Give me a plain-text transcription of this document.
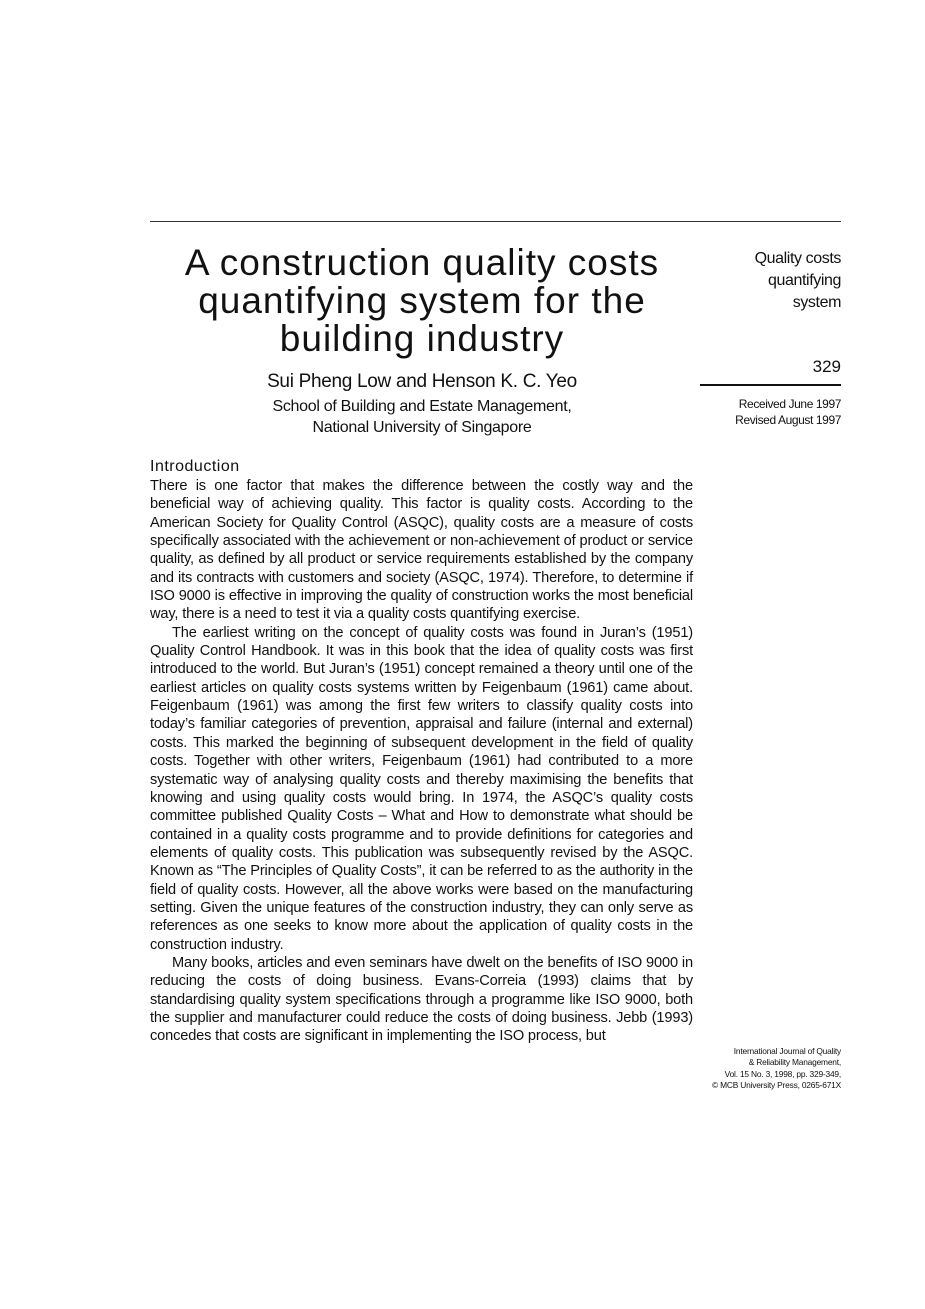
A construction quality costs quantifying system for the building industry
Sui Pheng Low and Henson K. C. Yeo
School of Building and Estate Management,
National University of Singapore
Quality costs
quantifying
system
329
Received June 1997
Revised August 1997
Introduction

There is one factor that makes the difference between the costly way and the beneficial way of achieving quality. This factor is quality costs. According to the American Society for Quality Control (ASQC), quality costs are a measure of costs specifically associated with the achievement or non-achievement of product or service quality, as defined by all product or service requirements established by the company and its contracts with customers and society (ASQC, 1974). Therefore, to determine if ISO 9000 is effective in improving the quality of construction works the most beneficial way, there is a need to test it via a quality costs quantifying exercise.

The earliest writing on the concept of quality costs was found in Juran’s (1951) Quality Control Handbook. It was in this book that the idea of quality costs was first introduced to the world. But Juran’s (1951) concept remained a theory until one of the earliest articles on quality costs systems written by Feigenbaum (1961) came about. Feigenbaum (1961) was among the first few writers to classify quality costs into today’s familiar categories of prevention, appraisal and failure (internal and external) costs. This marked the beginning of subsequent development in the field of quality costs. Together with other writers, Feigenbaum (1961) had contributed to a more systematic way of analysing quality costs and thereby maximising the benefits that knowing and using quality costs would bring. In 1974, the ASQC’s quality costs committee published Quality Costs – What and How to demonstrate what should be contained in a quality costs programme and to provide definitions for categories and elements of quality costs. This publication was subsequently revised by the ASQC. Known as “The Principles of Quality Costs”, it can be referred to as the authority in the field of quality costs. However, all the above works were based on the manufacturing setting. Given the unique features of the construction industry, they can only serve as references as one seeks to know more about the application of quality costs in the construction industry.

Many books, articles and even seminars have dwelt on the benefits of ISO 9000 in reducing the costs of doing business. Evans-Correia (1993) claims that by standardising quality system specifications through a programme like ISO 9000, both the supplier and manufacturer could reduce the costs of doing business. Jebb (1993) concedes that costs are significant in implementing the ISO process, but

International Journal of Quality
& Reliability Management,
Vol. 15 No. 3, 1998, pp. 329-349,
© MCB University Press, 0265-671X
